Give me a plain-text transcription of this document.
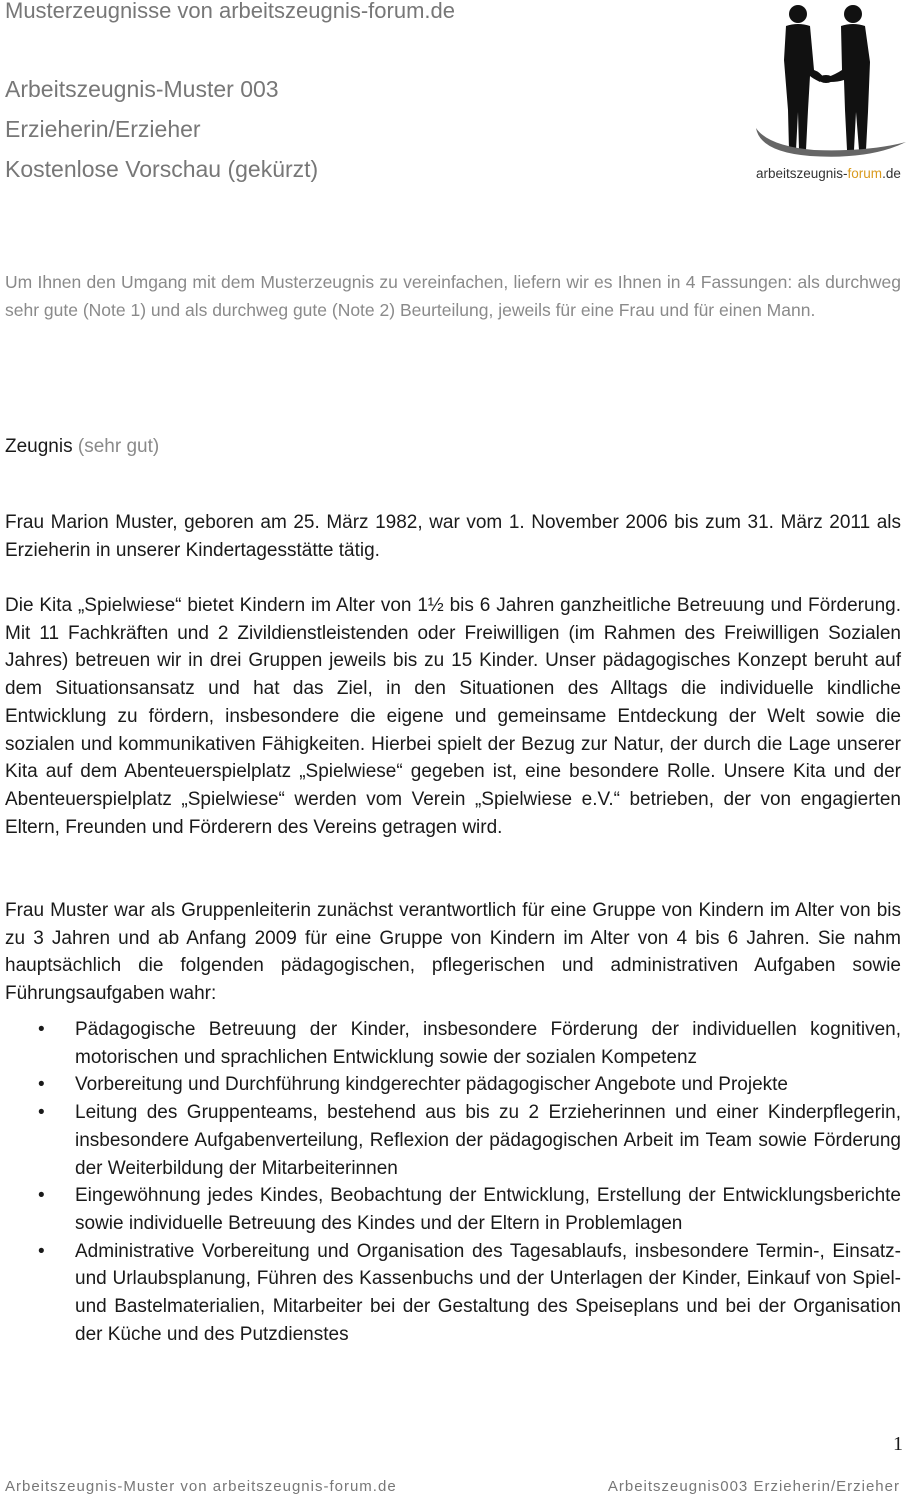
Musterzeugnisse von arbeitszeugnis-forum.de
Arbeitszeugnis-Muster 003
Erzieherin/Erzieher
Kostenlose Vorschau (gekürzt)	arbeitszeugnis-forum.de
Um Ihnen den Umgang mit dem Musterzeugnis zu vereinfachen, liefern wir es Ihnen in 4 Fassungen: als durchweg sehr gute (Note 1) und als durchweg gute (Note 2) Beurteilung, jeweils für eine Frau und für einen Mann.
Zeugnis (sehr gut)

Frau Marion Muster, geboren am 25. März 1982, war vom 1. November 2006 bis zum 31. März 2011 als Erzieherin in unserer Kindertagesstätte tätig.

Die Kita „Spielwiese“ bietet Kindern im Alter von 1½ bis 6 Jahren ganzheitliche Betreuung und Förderung. Mit 11 Fachkräften und 2 Zivildienstleistenden oder Freiwilligen (im Rahmen des Freiwilligen Sozialen Jahres) betreuen wir in drei Gruppen jeweils bis zu 15 Kinder. Unser pädagogisches Konzept beruht auf dem Situationsansatz und hat das Ziel, in den Situationen des Alltags die individuelle kindliche Entwicklung zu fördern, insbesondere die eigene und gemeinsame Entdeckung der Welt sowie die sozialen und kommunikativen Fähigkeiten. Hierbei spielt der Bezug zur Natur, der durch die Lage unserer Kita auf dem Abenteuerspielplatz „Spielwiese“ gegeben ist, eine besondere Rolle. Unsere Kita und der Abenteuerspielplatz „Spielwiese“ werden vom Verein „Spielwiese e.V.“ betrieben, der von engagierten Eltern, Freunden und Förderern des Vereins getragen wird.

Frau Muster war als Gruppenleiterin zunächst verantwortlich für eine Gruppe von Kindern im Alter von bis zu 3 Jahren und ab Anfang 2009 für eine Gruppe von Kindern im Alter von 4 bis 6 Jahren. Sie nahm hauptsächlich die folgenden pädagogischen, pflegerischen und administrativen Aufgaben sowie Führungsaufgaben wahr:

• Pädagogische Betreuung der Kinder, insbesondere Förderung der individuellen kognitiven, motorischen und sprachlichen Entwicklung sowie der sozialen Kompetenz
• Vorbereitung und Durchführung kindgerechter pädagogischer Angebote und Projekte
• Leitung des Gruppenteams, bestehend aus bis zu 2 Erzieherinnen und einer Kinderpflegerin, insbesondere Aufgabenverteilung, Reflexion der pädagogischen Arbeit im Team sowie Förderung der Weiterbildung der Mitarbeiterinnen
• Eingewöhnung jedes Kindes, Beobachtung der Entwicklung, Erstellung der Entwicklungsberichte sowie individuelle Betreuung des Kindes und der Eltern in Problemlagen
• Administrative Vorbereitung und Organisation des Tagesablaufs, insbesondere Termin-, Einsatz- und Urlaubsplanung, Führen des Kassenbuchs und der Unterlagen der Kinder, Einkauf von Spiel- und Bastelmaterialien, Mitarbeiter bei der Gestaltung des Speiseplans und bei der Organisation der Küche und des Putzdienstes
1
Arbeitszeugnis-Muster von arbeitszeugnis-forum.de	Arbeitszeugnis003 Erzieherin/Erzieher
